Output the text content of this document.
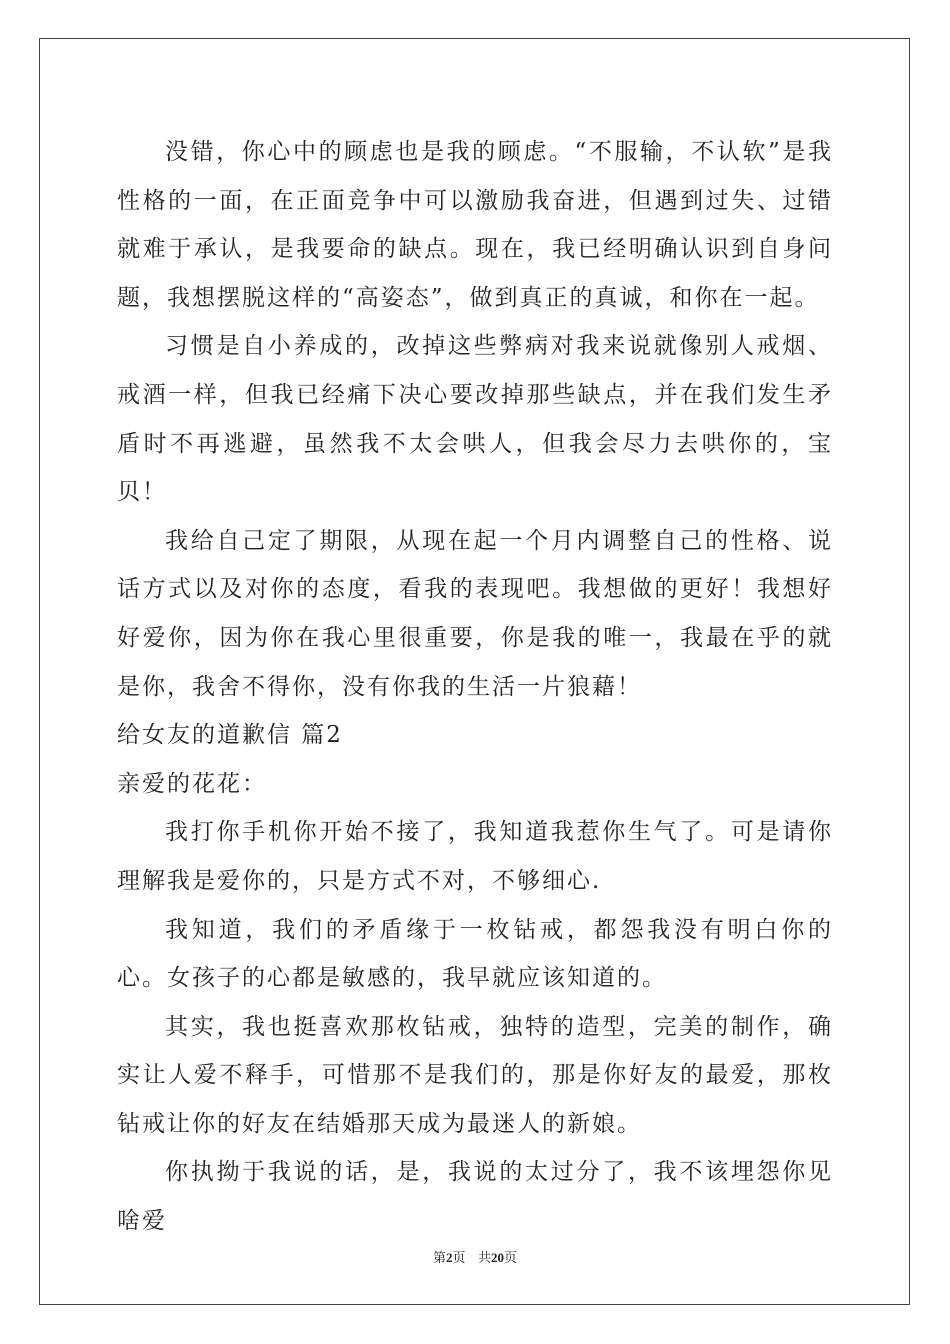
没错，你心中的顾虑也是我的顾虑。“不服输，不认软”是我性格的一面，在正面竞争中可以激励我奋进，但遇到过失、过错就难于承认，是我要命的缺点。现在，我已经明确认识到自身问题，我想摆脱这样的“高姿态”，做到真正的真诚，和你在一起。

习惯是自小养成的，改掉这些弊病对我来说就像别人戒烟、戒酒一样，但我已经痛下决心要改掉那些缺点，并在我们发生矛盾时不再逃避，虽然我不太会哄人，但我会尽力去哄你的，宝贝！

我给自己定了期限，从现在起一个月内调整自己的性格、说话方式以及对你的态度，看我的表现吧。我想做的更好！我想好好爱你，因为你在我心里很重要，你是我的唯一，我最在乎的就是你，我舍不得你，没有你我的生活一片狼藉！

给女友的道歉信 篇2

亲爱的花花：

我打你手机你开始不接了，我知道我惹你生气了。可是请你理解我是爱你的，只是方式不对，不够细心.

我知道，我们的矛盾缘于一枚钻戒，都怨我没有明白你的心。女孩子的心都是敏感的，我早就应该知道的。

其实，我也挺喜欢那枚钻戒，独特的造型，完美的制作，确实让人爱不释手，可惜那不是我们的，那是你好友的最爱，那枚钻戒让你的好友在结婚那天成为最迷人的新娘。

你执拗于我说的话，是，我说的太过分了，我不该埋怨你见啥爱

第2页 共20页
